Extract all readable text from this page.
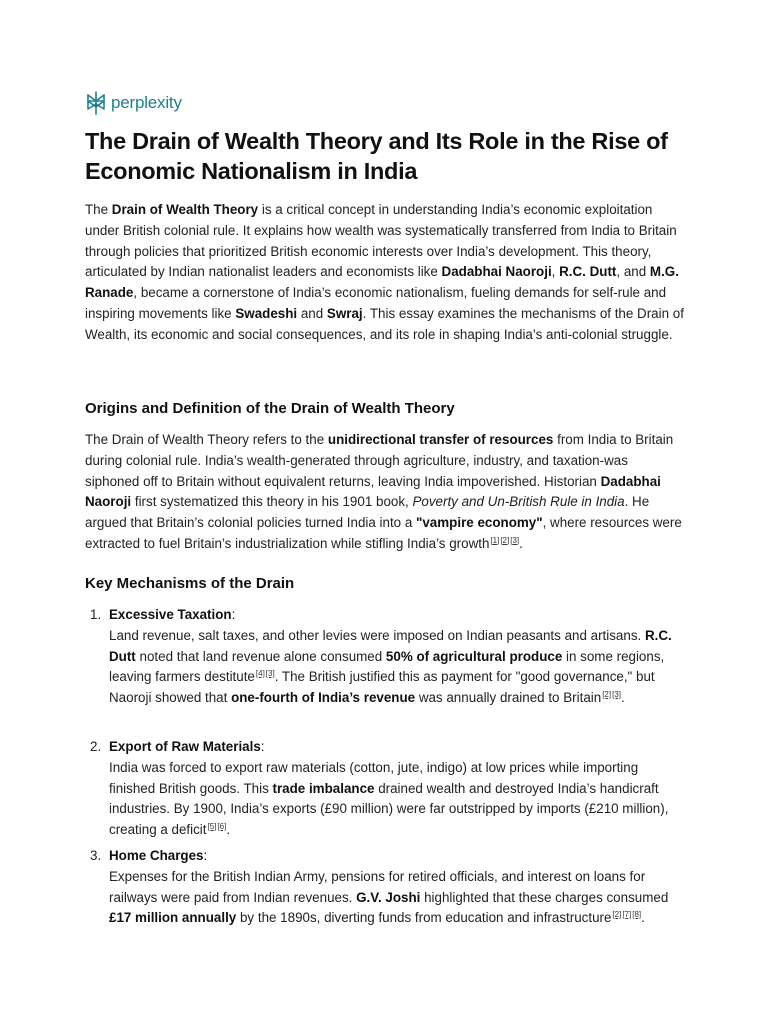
perplexity
The Drain of Wealth Theory and Its Role in the Rise of Economic Nationalism in India

The Drain of Wealth Theory is a critical concept in understanding India’s economic exploitation under British colonial rule. It explains how wealth was systematically transferred from India to Britain through policies that prioritized British economic interests over India’s development. This theory, articulated by Indian nationalist leaders and economists like Dadabhai Naoroji, R.C. Dutt, and M.G. Ranade, became a cornerstone of India’s economic nationalism, fueling demands for self-rule and inspiring movements like Swadeshi and Swraj. This essay examines the mechanisms of the Drain of Wealth, its economic and social consequences, and its role in shaping India’s anti-colonial struggle.

Origins and Definition of the Drain of Wealth Theory

The Drain of Wealth Theory refers to the unidirectional transfer of resources from India to Britain during colonial rule. India’s wealth-generated through agriculture, industry, and taxation-was siphoned off to Britain without equivalent returns, leaving India impoverished. Historian Dadabhai Naoroji first systematized this theory in his 1901 book, Poverty and Un-British Rule in India. He argued that Britain’s colonial policies turned India into a "vampire economy", where resources were extracted to fuel Britain’s industrialization while stifling India’s growth[1][2][3].

Key Mechanisms of the Drain
1. Excessive Taxation:
Land revenue, salt taxes, and other levies were imposed on Indian peasants and artisans. R.C. Dutt noted that land revenue alone consumed 50% of agricultural produce in some regions, leaving farmers destitute[4][3]. The British justified this as payment for "good governance," but Naoroji showed that one-fourth of India’s revenue was annually drained to Britain[2][3].
2. Export of Raw Materials:
India was forced to export raw materials (cotton, jute, indigo) at low prices while importing finished British goods. This trade imbalance drained wealth and destroyed India’s handicraft industries. By 1900, India’s exports (£90 million) were far outstripped by imports (£210 million), creating a deficit[5][6].
3. Home Charges:
Expenses for the British Indian Army, pensions for retired officials, and interest on loans for railways were paid from Indian revenues. G.V. Joshi highlighted that these charges consumed £17 million annually by the 1890s, diverting funds from education and infrastructure[2][7][8].
